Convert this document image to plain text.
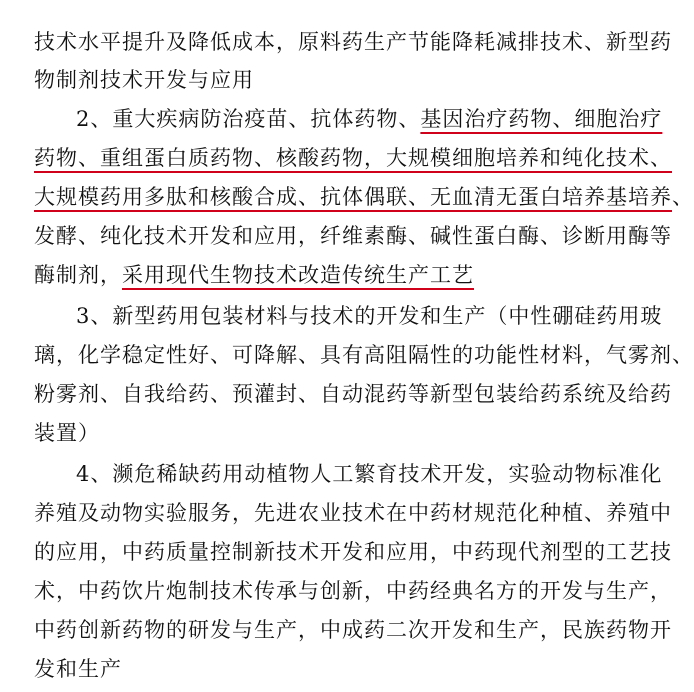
技术水平提升及降低成本，原料药生产节能降耗减排技术、新型药
物制剂技术开发与应用
2、重大疾病防治疫苗、抗体药物、基因治疗药物、细胞治疗
药物、重组蛋白质药物、核酸药物，大规模细胞培养和纯化技术、
大规模药用多肽和核酸合成、抗体偶联、无血清无蛋白培养基培养、
发酵、纯化技术开发和应用，纤维素酶、碱性蛋白酶、诊断用酶等
酶制剂，采用现代生物技术改造传统生产工艺
3、新型药用包装材料与技术的开发和生产（中性硼硅药用玻
璃，化学稳定性好、可降解、具有高阻隔性的功能性材料，气雾剂、
粉雾剂、自我给药、预灌封、自动混药等新型包装给药系统及给药
装置）
4、濒危稀缺药用动植物人工繁育技术开发，实验动物标准化
养殖及动物实验服务，先进农业技术在中药材规范化种植、养殖中
的应用，中药质量控制新技术开发和应用，中药现代剂型的工艺技
术，中药饮片炮制技术传承与创新，中药经典名方的开发与生产，
中药创新药物的研发与生产，中成药二次开发和生产，民族药物开
发和生产
